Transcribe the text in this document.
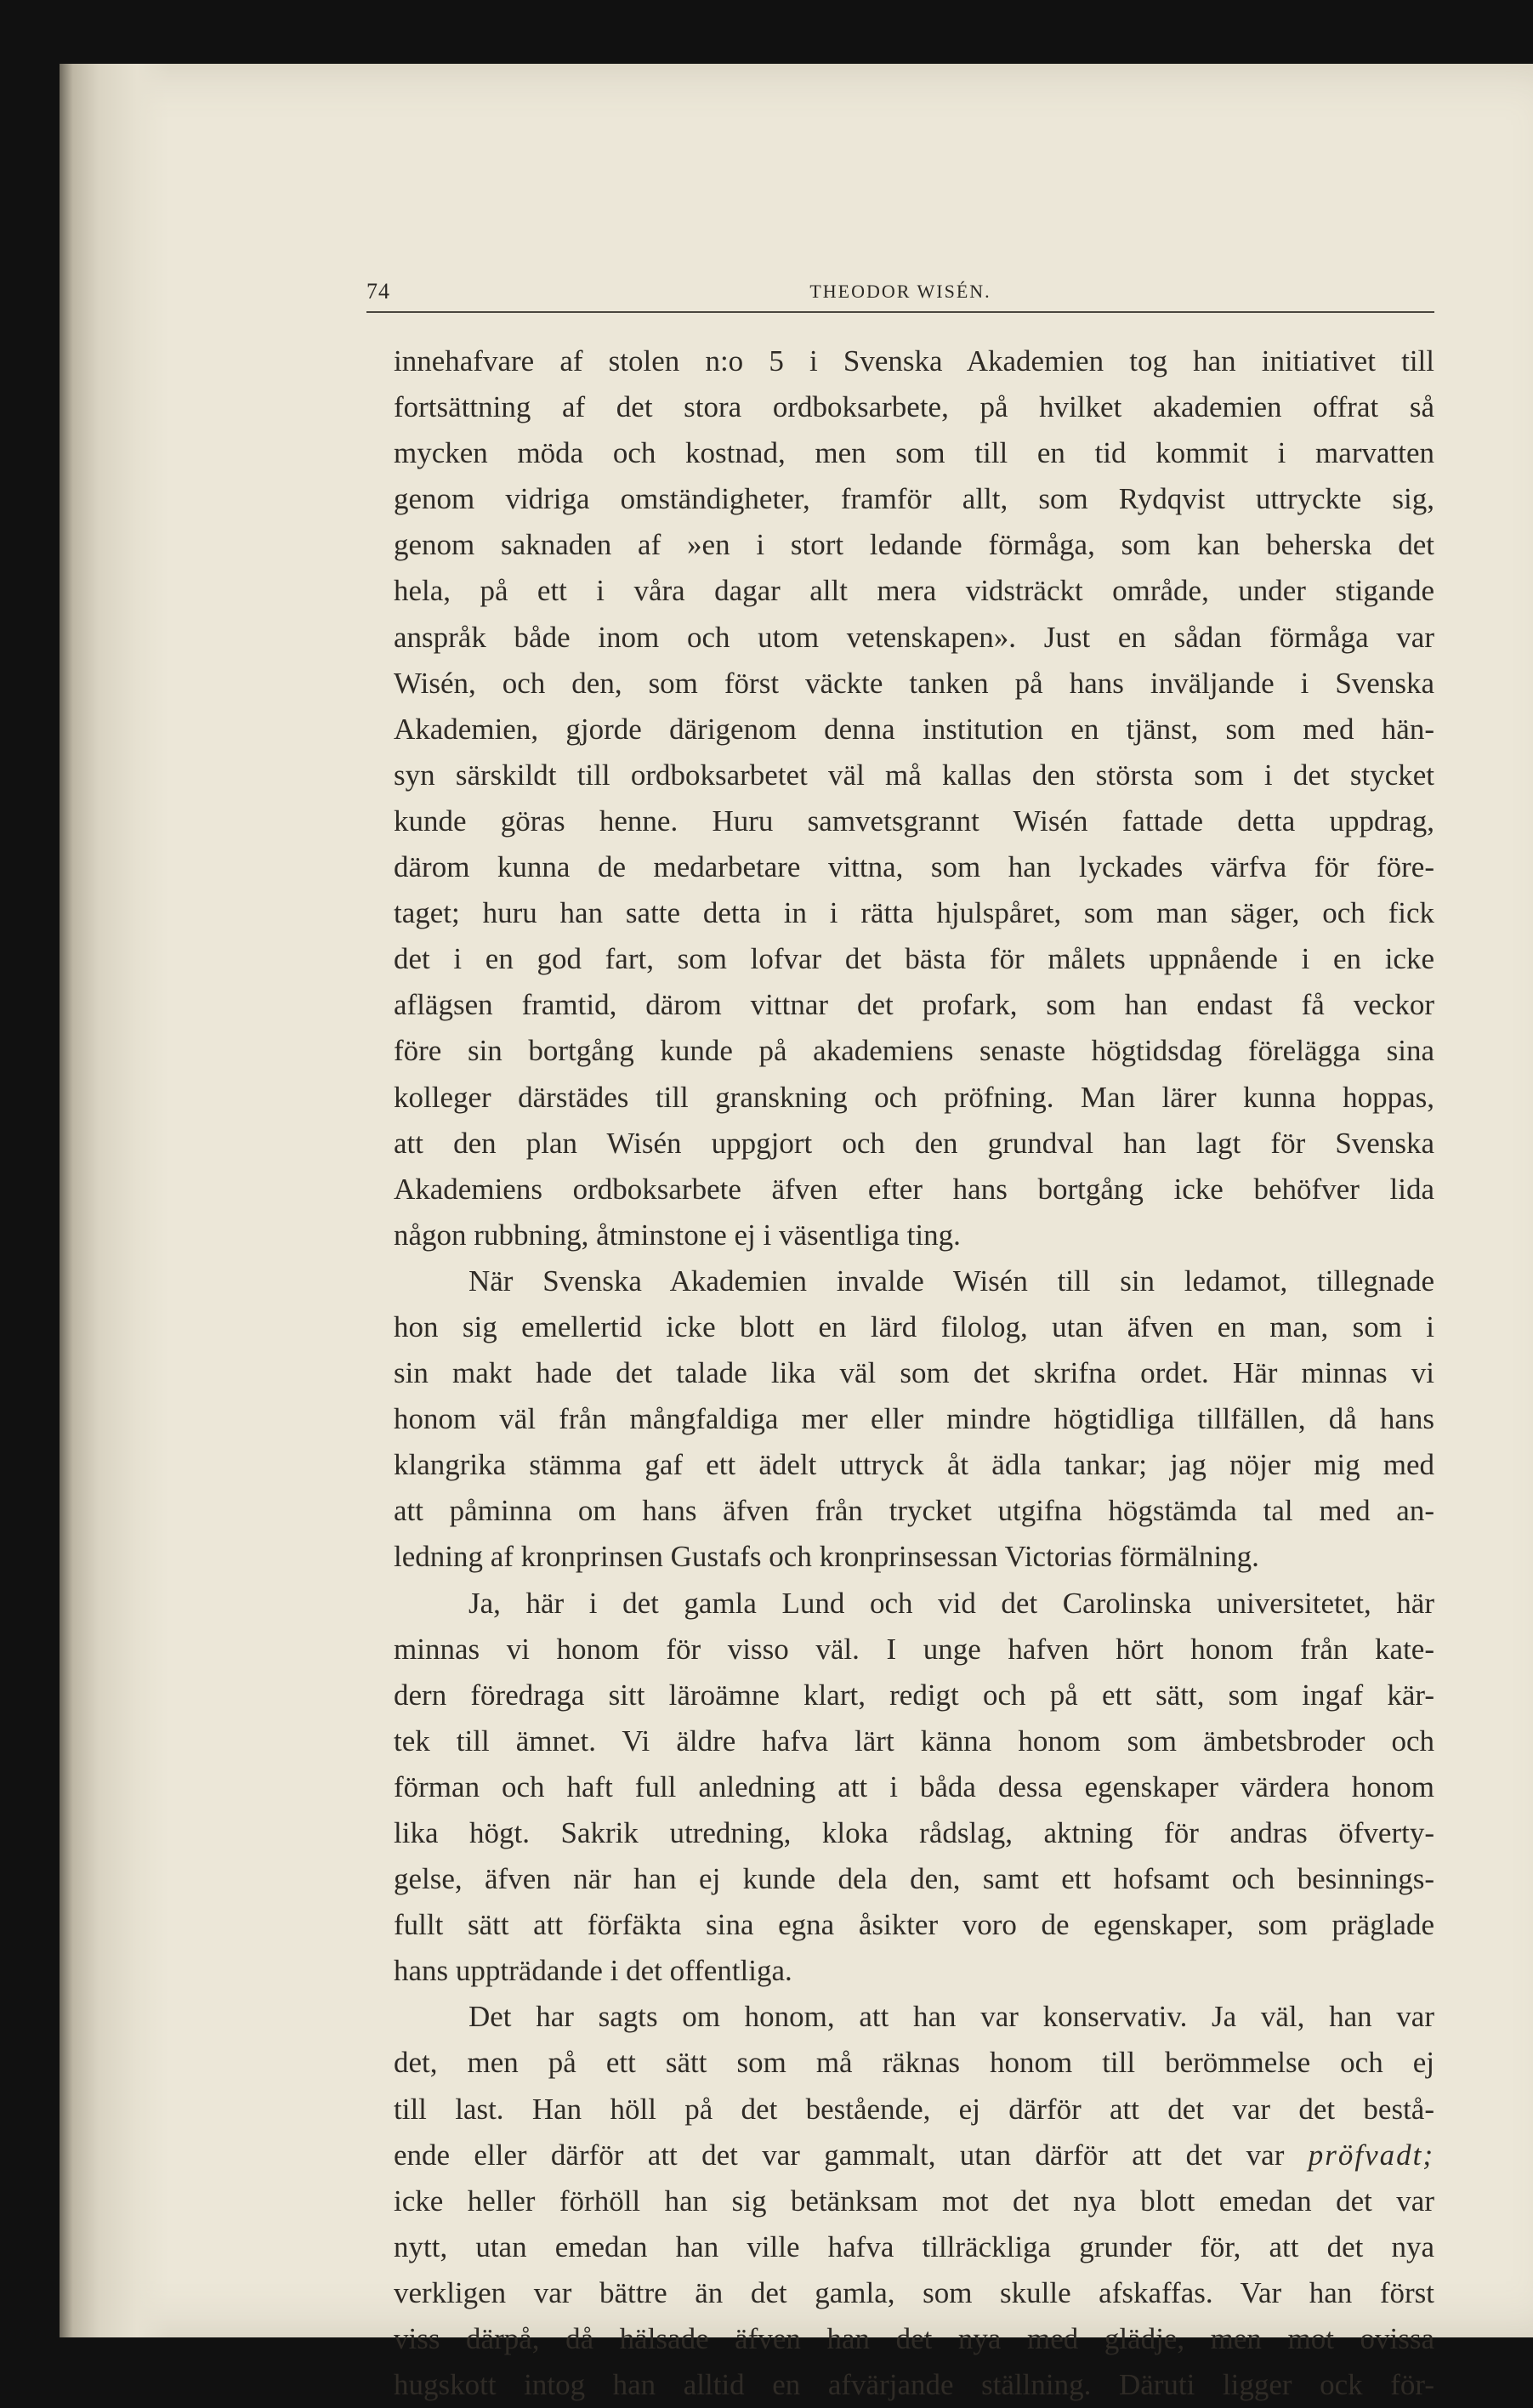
74	THEODOR WISÉN.
innehafvare af stolen n:o 5 i Svenska Akademien tog han initiativet till
fortsättning af det stora ordboksarbete, på hvilket akademien offrat så
mycken möda och kostnad, men som till en tid kommit i marvatten
genom vidriga omständigheter, framför allt, som Rydqvist uttryckte sig,
genom saknaden af »en i stort ledande förmåga, som kan beherska det
hela, på ett i våra dagar allt mera vidsträckt område, under stigande
anspråk både inom och utom vetenskapen». Just en sådan förmåga var
Wisén, och den, som först väckte tanken på hans inväljande i Svenska
Akademien, gjorde därigenom denna institution en tjänst, som med hän-
syn särskildt till ordboksarbetet väl må kallas den största som i det stycket
kunde göras henne. Huru samvetsgrannt Wisén fattade detta uppdrag,
därom kunna de medarbetare vittna, som han lyckades värfva för före-
taget; huru han satte detta in i rätta hjulspåret, som man säger, och fick
det i en god fart, som lofvar det bästa för målets uppnående i en icke
aflägsen framtid, därom vittnar det profark, som han endast få veckor
före sin bortgång kunde på akademiens senaste högtidsdag förelägga sina
kolleger därstädes till granskning och pröfning. Man lärer kunna hoppas,
att den plan Wisén uppgjort och den grundval han lagt för Svenska
Akademiens ordboksarbete äfven efter hans bortgång icke behöfver lida
någon rubbning, åtminstone ej i väsentliga ting.
När Svenska Akademien invalde Wisén till sin ledamot, tillegnade
hon sig emellertid icke blott en lärd filolog, utan äfven en man, som i
sin makt hade det talade lika väl som det skrifna ordet. Här minnas vi
honom väl från mångfaldiga mer eller mindre högtidliga tillfällen, då hans
klangrika stämma gaf ett ädelt uttryck åt ädla tankar; jag nöjer mig med
att påminna om hans äfven från trycket utgifna högstämda tal med an-
ledning af kronprinsen Gustafs och kronprinsessan Victorias förmälning.
Ja, här i det gamla Lund och vid det Carolinska universitetet, här
minnas vi honom för visso väl. I unge hafven hört honom från kate-
dern föredraga sitt läroämne klart, redigt och på ett sätt, som ingaf kär-
tek till ämnet. Vi äldre hafva lärt känna honom som ämbetsbroder och
förman och haft full anledning att i båda dessa egenskaper värdera honom
lika högt. Sakrik utredning, kloka rådslag, aktning för andras öfverty-
gelse, äfven när han ej kunde dela den, samt ett hofsamt och besinnings-
fullt sätt att förfäkta sina egna åsikter voro de egenskaper, som präglade
hans uppträdande i det offentliga.
Det har sagts om honom, att han var konservativ. Ja väl, han var
det, men på ett sätt som må räknas honom till berömmelse och ej
till last. Han höll på det bestående, ej därför att det var det bestå-
ende eller därför att det var gammalt, utan därför att det var pröfvadt;
icke heller förhöll han sig betänksam mot det nya blott emedan det var
nytt, utan emedan han ville hafva tillräckliga grunder för, att det nya
verkligen var bättre än det gamla, som skulle afskaffas. Var han först
viss därpå, då hälsade äfven han det nya med glädje, men mot ovissa
hugskott intog han alltid en afvärjande ställning. Däruti ligger ock för-
